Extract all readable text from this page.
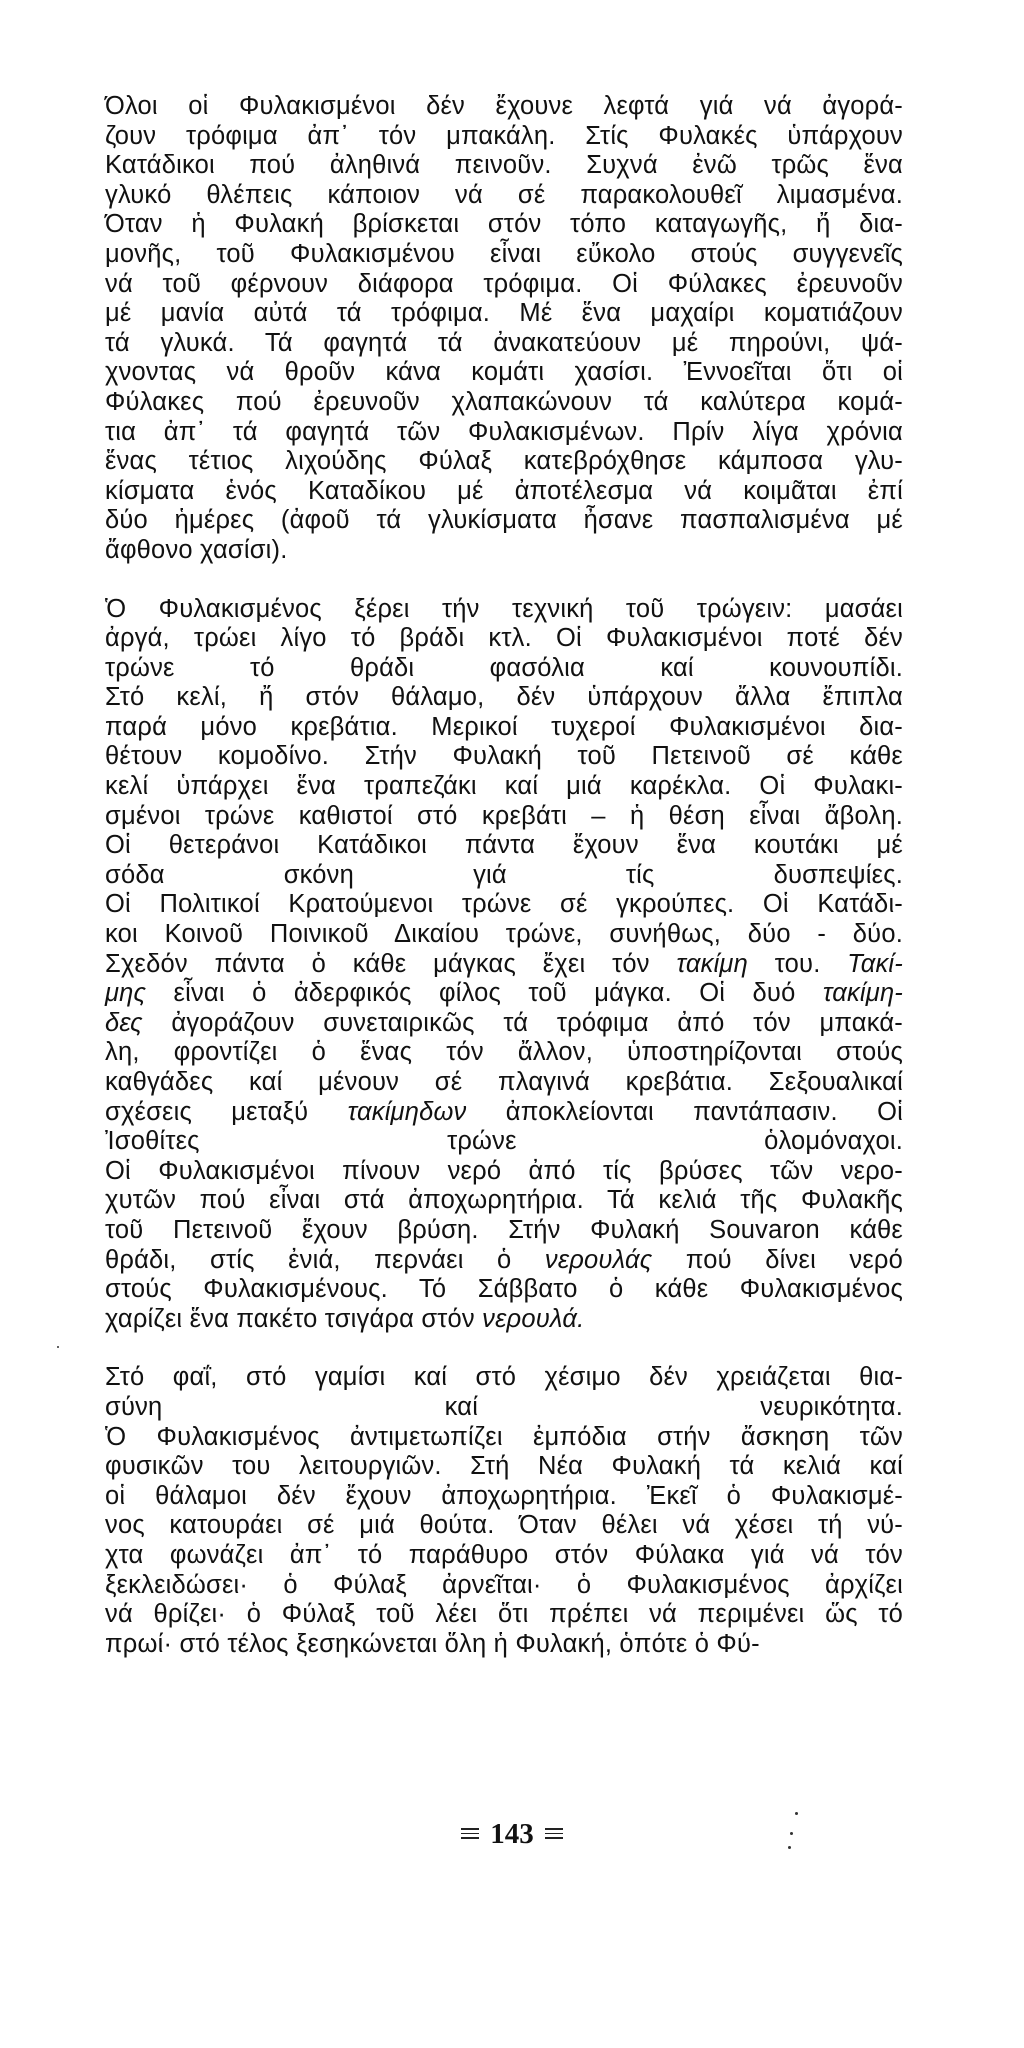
Όλοι οἱ Φυλακισμένοι δέν ἔχουνε λεφτά γιά νά ἀγορά-
ζουν τρόφιμα ἀπ᾽ τόν μπακάλη. Στίς Φυλακές ὑπάρχουν
Κατάδικοι πού ἀληθινά πεινοῦν. Συχνά ἐνῶ τρῶς ἕνα
γλυκό θλέπεις κάποιον νά σέ παρακολουθεῖ λιμασμένα.
Όταν ἡ Φυλακή βρίσκεται στόν τόπο καταγωγῆς, ἤ δια-
μονῆς, τοῦ Φυλακισμένου εἶναι εὔκολο στούς συγγενεῖς
νά τοῦ φέρνουν διάφορα τρόφιμα. Οἱ Φύλακες ἐρευνοῦν
μέ μανία αὐτά τά τρόφιμα. Μέ ἕνα μαχαίρι κοματιάζουν
τά γλυκά. Τά φαγητά τά ἀνακατεύουν μέ πηρούνι, ψά-
χνοντας νά θροῦν κάνα κομάτι χασίσι. Ἐννοεῖται ὅτι οἱ
Φύλακες πού ἐρευνοῦν χλαπακώνουν τά καλύτερα κομά-
τια ἀπ᾽ τά φαγητά τῶν Φυλακισμένων. Πρίν λίγα χρόνια
ἕνας τέτιος λιχούδης Φύλαξ κατεβρόχθησε κάμποσα γλυ-
κίσματα ἑνός Καταδίκου μέ ἀποτέλεσμα νά κοιμᾶται ἐπί
δύο ἡμέρες (ἀφοῦ τά γλυκίσματα ἦσανε πασπαλισμένα μέ
ἄφθονο χασίσι).
Ὁ Φυλακισμένος ξέρει τήν τεχνική τοῦ τρώγειν: μασάει
ἀργά, τρώει λίγο τό βράδι κτλ. Οἱ Φυλακισμένοι ποτέ δέν
τρώνε τό θράδι φασόλια καί κουνουπίδι.
Στό κελί, ἤ στόν θάλαμο, δέν ὑπάρχουν ἄλλα ἔπιπλα
παρά μόνο κρεβάτια. Μερικοί τυχεροί Φυλακισμένοι δια-
θέτουν κομοδίνο. Στήν Φυλακή τοῦ Πετεινοῦ σέ κάθε
κελί ὑπάρχει ἕνα τραπεζάκι καί μιά καρέκλα. Οἱ Φυλακι-
σμένοι τρώνε καθιστοί στό κρεβάτι – ἡ θέση εἶναι ἄβολη.
Οἱ θετεράνοι Κατάδικοι πάντα ἔχουν ἕνα κουτάκι μέ
σόδα σκόνη γιά τίς δυσπεψίες.
Οἱ Πολιτικοί Κρατούμενοι τρώνε σέ γκρούπες. Οἱ Κατάδι-
κοι Κοινοῦ Ποινικοῦ Δικαίου τρώνε, συνήθως, δύο - δύο.
Σχεδόν πάντα ὁ κάθε μάγκας ἔχει τόν τακίμη του. Τακί-
μης εἶναι ὁ ἀδερφικός φίλος τοῦ μάγκα. Οἱ δυό τακίμη-
δες ἀγοράζουν συνεταιρικῶς τά τρόφιμα ἀπό τόν μπακά-
λη, φροντίζει ὁ ἕνας τόν ἄλλον, ὑποστηρίζονται στούς
καθγάδες καί μένουν σέ πλαγινά κρεβάτια. Σεξουαλικαί
σχέσεις μεταξύ τακίμηδων ἀποκλείονται παντάπασιν. Οἱ
Ἰσοθίτες τρώνε ὁλομόναχοι.
Οἱ Φυλακισμένοι πίνουν νερό ἀπό τίς βρύσες τῶν νερο-
χυτῶν πού εἶναι στά ἀποχωρητήρια. Τά κελιά τῆς Φυλακῆς
τοῦ Πετεινοῦ ἔχουν βρύση. Στήν Φυλακή Souvaron κάθε
θράδι, στίς ἐνιά, περνάει ὁ νερουλάς πού δίνει νερό
στούς Φυλακισμένους. Τό Σάββατο ὁ κάθε Φυλακισμένος
χαρίζει ἕνα πακέτο τσιγάρα στόν νερουλά.
Στό φαΐ, στό γαμίσι καί στό χέσιμο δέν χρειάζεται θια-
σύνη καί νευρικότητα.
Ὁ Φυλακισμένος ἀντιμετωπίζει ἐμπόδια στήν ἄσκηση τῶν
φυσικῶν του λειτουργιῶν. Στή Νέα Φυλακή τά κελιά καί
οἱ θάλαμοι δέν ἔχουν ἀποχωρητήρια. Ἐκεῖ ὁ Φυλακισμέ-
νος κατουράει σέ μιά θούτα. Όταν θέλει νά χέσει τή νύ-
χτα φωνάζει ἀπ᾽ τό παράθυρο στόν Φύλακα γιά νά τόν
ξεκλειδώσει· ὁ Φύλαξ ἀρνεῖται· ὁ Φυλακισμένος ἀρχίζει
νά θρίζει· ὁ Φύλαξ τοῦ λέει ὅτι πρέπει νά περιμένει ὥς τό
πρωί· στό τέλος ξεσηκώνεται ὅλη ἡ Φυλακή, ὁπότε ὁ Φύ-
143
